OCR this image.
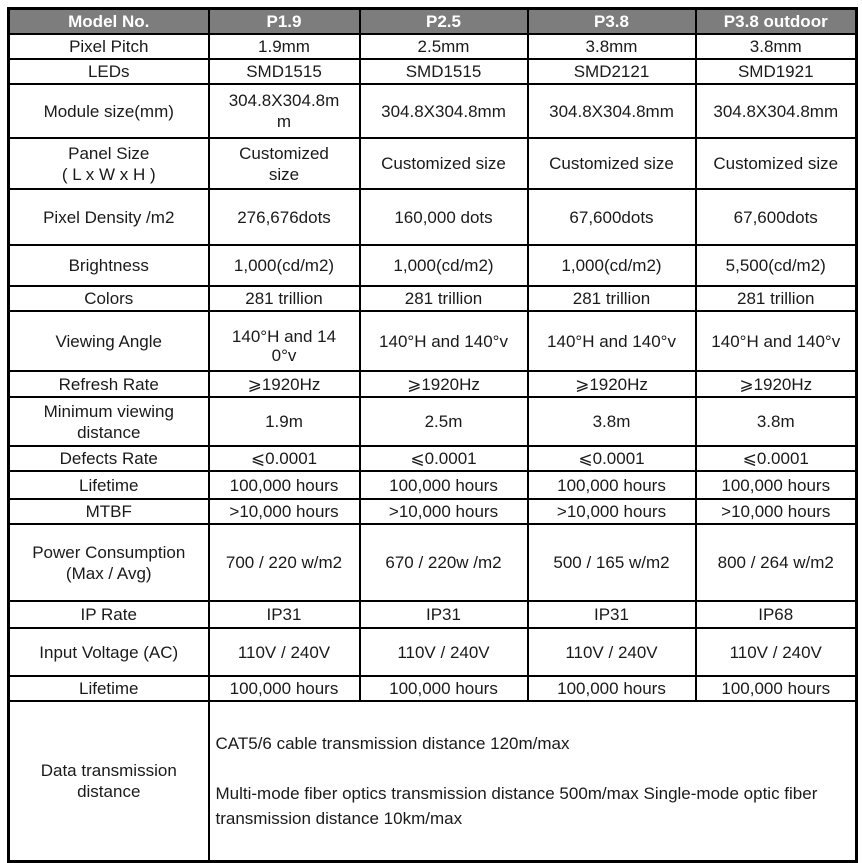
Model No.	P1.9	P2.5	P3.8	P3.8 outdoor
Pixel Pitch	1.9mm	2.5mm	3.8mm	3.8mm
LEDs	SMD1515	SMD1515	SMD2121	SMD1921
Module size(mm)	304.8X304.8m
m	304.8X304.8mm	304.8X304.8mm	304.8X304.8mm
Panel Size
( L x W x H )	Customized
size	Customized size	Customized size	Customized size
Pixel Density /m2	276,676dots	160,000 dots	67,600dots	67,600dots
Brightness	1,000(cd/m2)	1,000(cd/m2)	1,000(cd/m2)	5,500(cd/m2)
Colors	281 trillion	281 trillion	281 trillion	281 trillion
Viewing Angle	140°H and 140°v	140°H and 140°v	140°H and 140°v	140°H and 140°v
Refresh Rate	⩾1920Hz	⩾1920Hz	⩾1920Hz	⩾1920Hz
Minimum viewing
distance	1.9m	2.5m	3.8m	3.8m
Defects Rate	⩽0.0001	⩽0.0001	⩽0.0001	⩽0.0001
Lifetime	100,000 hours	100,000 hours	100,000 hours	100,000 hours
MTBF	>10,000 hours	>10,000 hours	>10,000 hours	>10,000 hours
Power Consumption
(Max / Avg)	700 / 220 w/m2	670 / 220w /m2	500 / 165 w/m2	800 / 264 w/m2
IP Rate	IP31	IP31	IP31	IP68
Input Voltage (AC)	110V / 240V	110V / 240V	110V / 240V	110V / 240V
Lifetime	100,000 hours	100,000 hours	100,000 hours	100,000 hours
Data transmission
distance	

CAT5/6 cable transmission distance 120m/max

Multi-mode fiber optics transmission distance 500m/max Single-mode optic fiber transmission distance 10km/max
